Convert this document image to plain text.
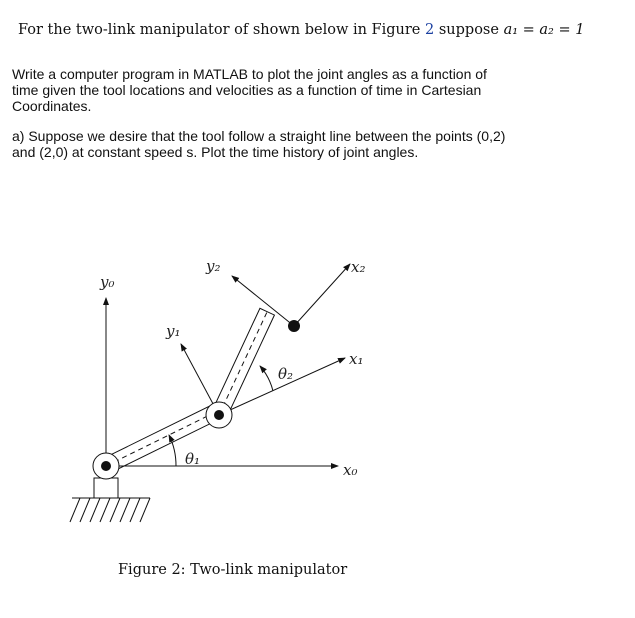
For the two-link manipulator of shown below in Figure 2 suppose a₁ = a₂ = 1
Write a computer program in MATLAB to plot the joint angles as a function of
time given the tool locations and velocities as a function of time in Cartesian
Coordinates.
a) Suppose we desire that the tool follow a straight line between the points (0,2)
and (2,0) at constant speed s. Plot the time history of joint angles.
y₀
y₁
y₂
x₀
x₁
x₂
θ₁
θ₂
Figure 2: Two-link manipulator
